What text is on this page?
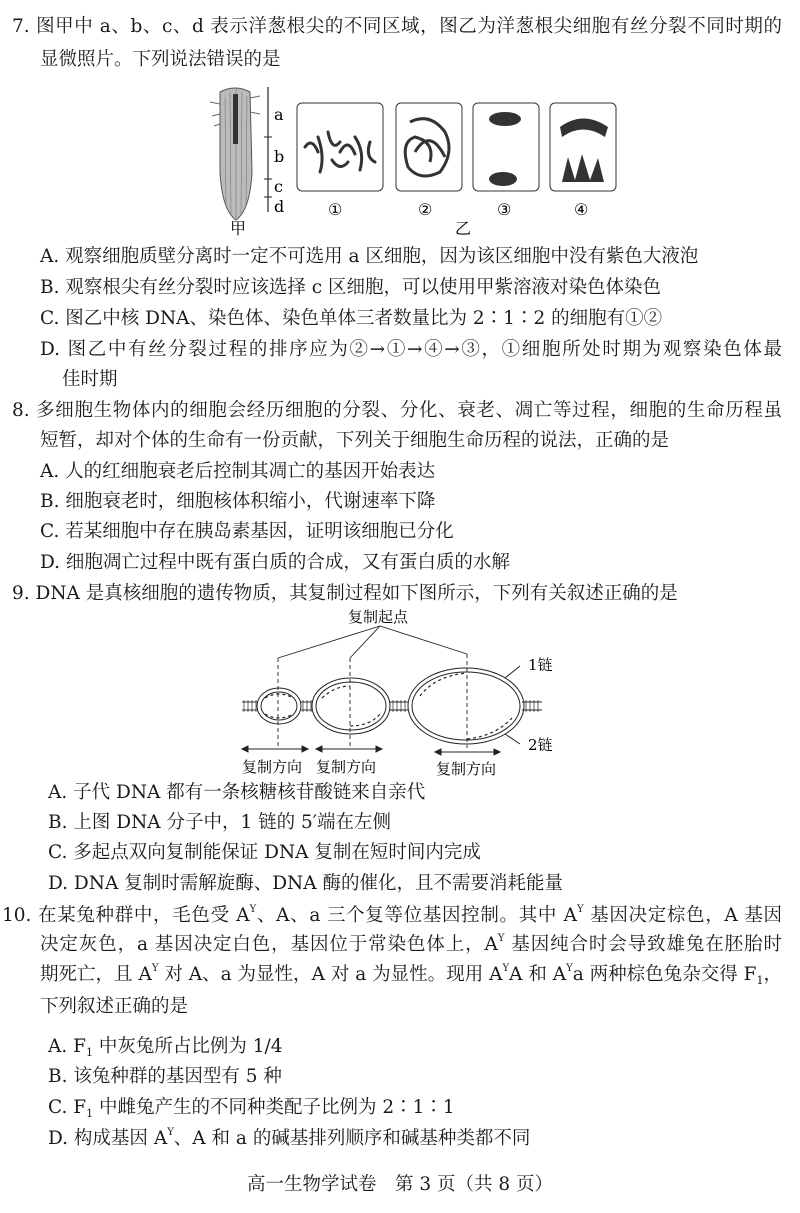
7. 图甲中 a、b、c、d 表示洋葱根尖的不同区域，图乙为洋葱根尖细胞有丝分裂不同时期的
显微照片。下列说法错误的是
a
b
c
d
甲	乙
①	②	③	④
A. 观察细胞质壁分离时一定不可选用 a 区细胞，因为该区细胞中没有紫色大液泡
B. 观察根尖有丝分裂时应该选择 c 区细胞，可以使用甲紫溶液对染色体染色
C. 图乙中核 DNA、染色体、染色单体三者数量比为 2∶1∶2 的细胞有①②
D. 图乙中有丝分裂过程的排序应为②→①→④→③，①细胞所处时期为观察染色体最
佳时期
8. 多细胞生物体内的细胞会经历细胞的分裂、分化、衰老、凋亡等过程，细胞的生命历程虽
短暂，却对个体的生命有一份贡献，下列关于细胞生命历程的说法，正确的是
A. 人的红细胞衰老后控制其凋亡的基因开始表达
B. 细胞衰老时，细胞核体积缩小，代谢速率下降
C. 若某细胞中存在胰岛素基因，证明该细胞已分化
D. 细胞凋亡过程中既有蛋白质的合成，又有蛋白质的水解
9. DNA 是真核细胞的遗传物质，其复制过程如下图所示，下列有关叙述正确的是
复制起点
1链
2链
复制方向 复制方向	复制方向
A. 子代 DNA 都有一条核糖核苷酸链来自亲代
B. 上图 DNA 分子中，1 链的 5′端在左侧
C. 多起点双向复制能保证 DNA 复制在短时间内完成
D. DNA 复制时需解旋酶、DNA 酶的催化，且不需要消耗能量
10. 在某兔种群中，毛色受 $A^Y$、A、a 三个复等位基因控制。其中 $A^Y$ 基因决定棕色，A 基因
决定灰色，a 基因决定白色，基因位于常染色体上，$A^Y$ 基因纯合时会导致雄兔在胚胎时
期死亡，且 $A^Y$ 对 A、a 为显性，A 对 a 为显性。现用 $A^YA$ 和 $A^Ya$ 两种棕色兔杂交得 $F_1$，
下列叙述正确的是
A. $F_1$ 中灰兔所占比例为 1/4
B. 该兔种群的基因型有 5 种
C. $F_1$ 中雌兔产生的不同种类配子比例为 2∶1∶1
D. 构成基因 $A^Y$、A 和 a 的碱基排列顺序和碱基种类都不同
高一生物学试卷　第 3 页（共 8 页）
